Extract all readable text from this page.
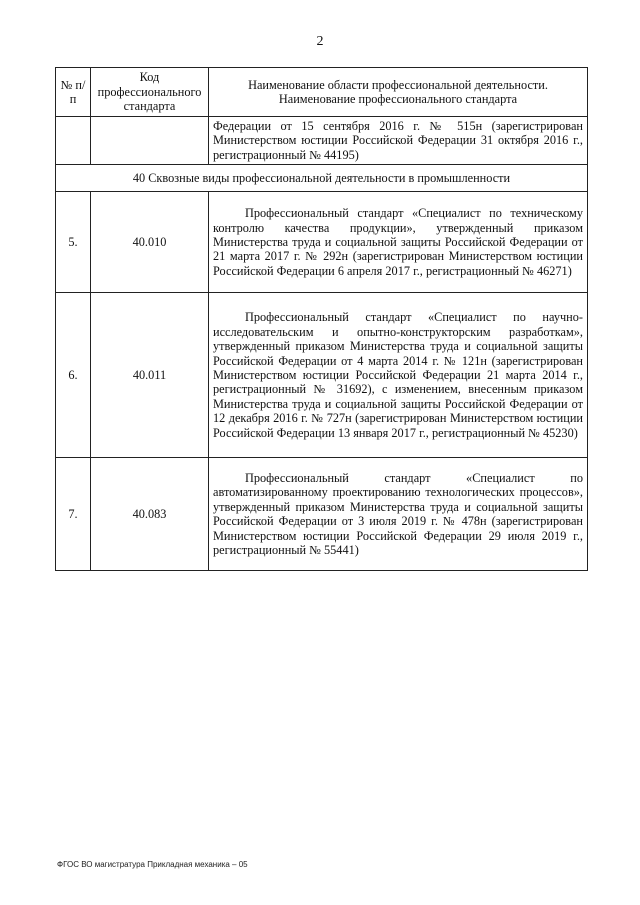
2
№ п/п	Код профессионального стандарта	Наименование области профессиональной деятельности. Наименование профессионального стандарта
		Федерации от 15 сентября 2016 г. № 515н (зарегистрирован Министерством юстиции Российской Федерации 31 октября 2016 г., регистрационный № 44195)
40 Сквозные виды профессиональной деятельности в промышленности		
5.	40.010	Профессиональный стандарт «Специалист по техническому контролю качества продукции», утвержденный приказом Министерства труда и социальной защиты Российской Федерации от 21 марта 2017 г. № 292н (зарегистрирован Министерством юстиции Российской Федерации 6 апреля 2017 г., регистрационный № 46271)
6.	40.011	Профессиональный стандарт «Специалист по научно-исследовательским и опытно-конструкторским разработкам», утвержденный приказом Министерства труда и социальной защиты Российской Федерации от 4 марта 2014 г. № 121н (зарегистрирован Министерством юстиции Российской Федерации 21 марта 2014 г., регистрационный № 31692), с изменением, внесенным приказом Министерства труда и социальной защиты Российской Федерации от 12 декабря 2016 г. № 727н (зарегистрирован Министерством юстиции Российской Федерации 13 января 2017 г., регистрационный № 45230)
7.	40.083	Профессиональный стандарт «Специалист по автоматизированному проектированию технологических процессов», утвержденный приказом Министерства труда и социальной защиты Российской Федерации от 3 июля 2019 г. № 478н (зарегистрирован Министерством юстиции Российской Федерации 29 июля 2019 г., регистрационный № 55441)
ФГОС ВО магистратура Прикладная механика – 05
